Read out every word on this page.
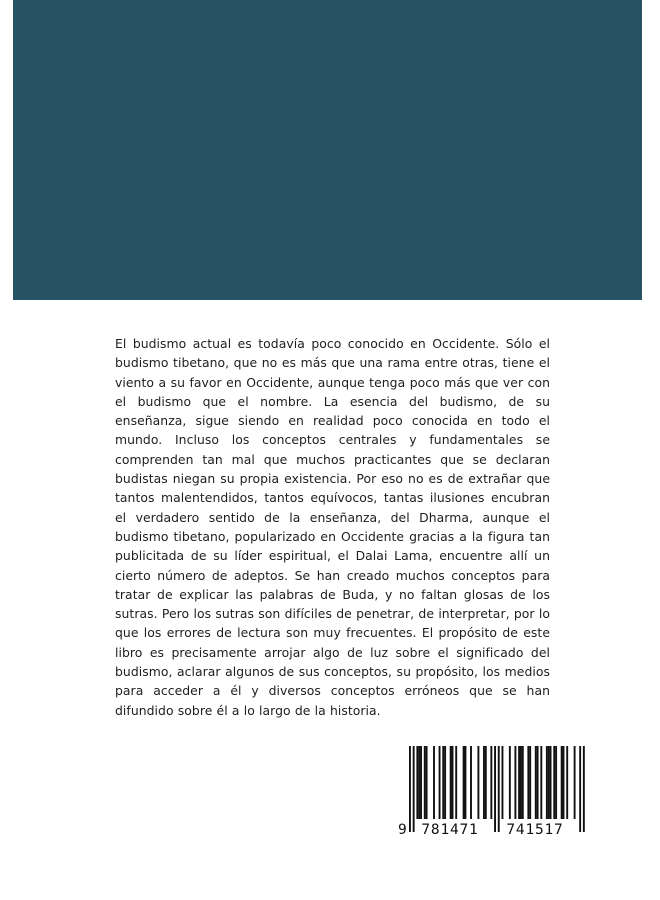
El budismo actual es todavía poco conocido en Occidente. Sólo el budismo tibetano, que no es más que una rama entre otras, tiene el viento a su favor en Occidente, aunque tenga poco más que ver con el budismo que el nombre. La esencia del budismo, de su enseñanza, sigue siendo en realidad poco conocida en todo el mundo. Incluso los conceptos centrales y fundamentales se comprenden tan mal que muchos practicantes que se declaran budistas niegan su propia existencia. Por eso no es de extrañar que tantos malentendidos, tantos equívocos, tantas ilusiones encubran el verdadero sentido de la enseñanza, del Dharma, aunque el budismo tibetano, popularizado en Occidente gracias a la figura tan publicitada de su líder espiritual, el Dalai Lama, encuentre allí un cierto número de adeptos. Se han creado muchos conceptos para tratar de explicar las palabras de Buda, y no faltan glosas de los sutras. Pero los sutras son difíciles de penetrar, de interpretar, por lo que los errores de lectura son muy frecuentes. El propósito de este libro es precisamente arrojar algo de luz sobre el significado del budismo, aclarar algunos de sus conceptos, su propósito, los medios para acceder a él y diversos conceptos erróneos que se han difundido sobre él a lo largo de la historia.

9 781471 741517
